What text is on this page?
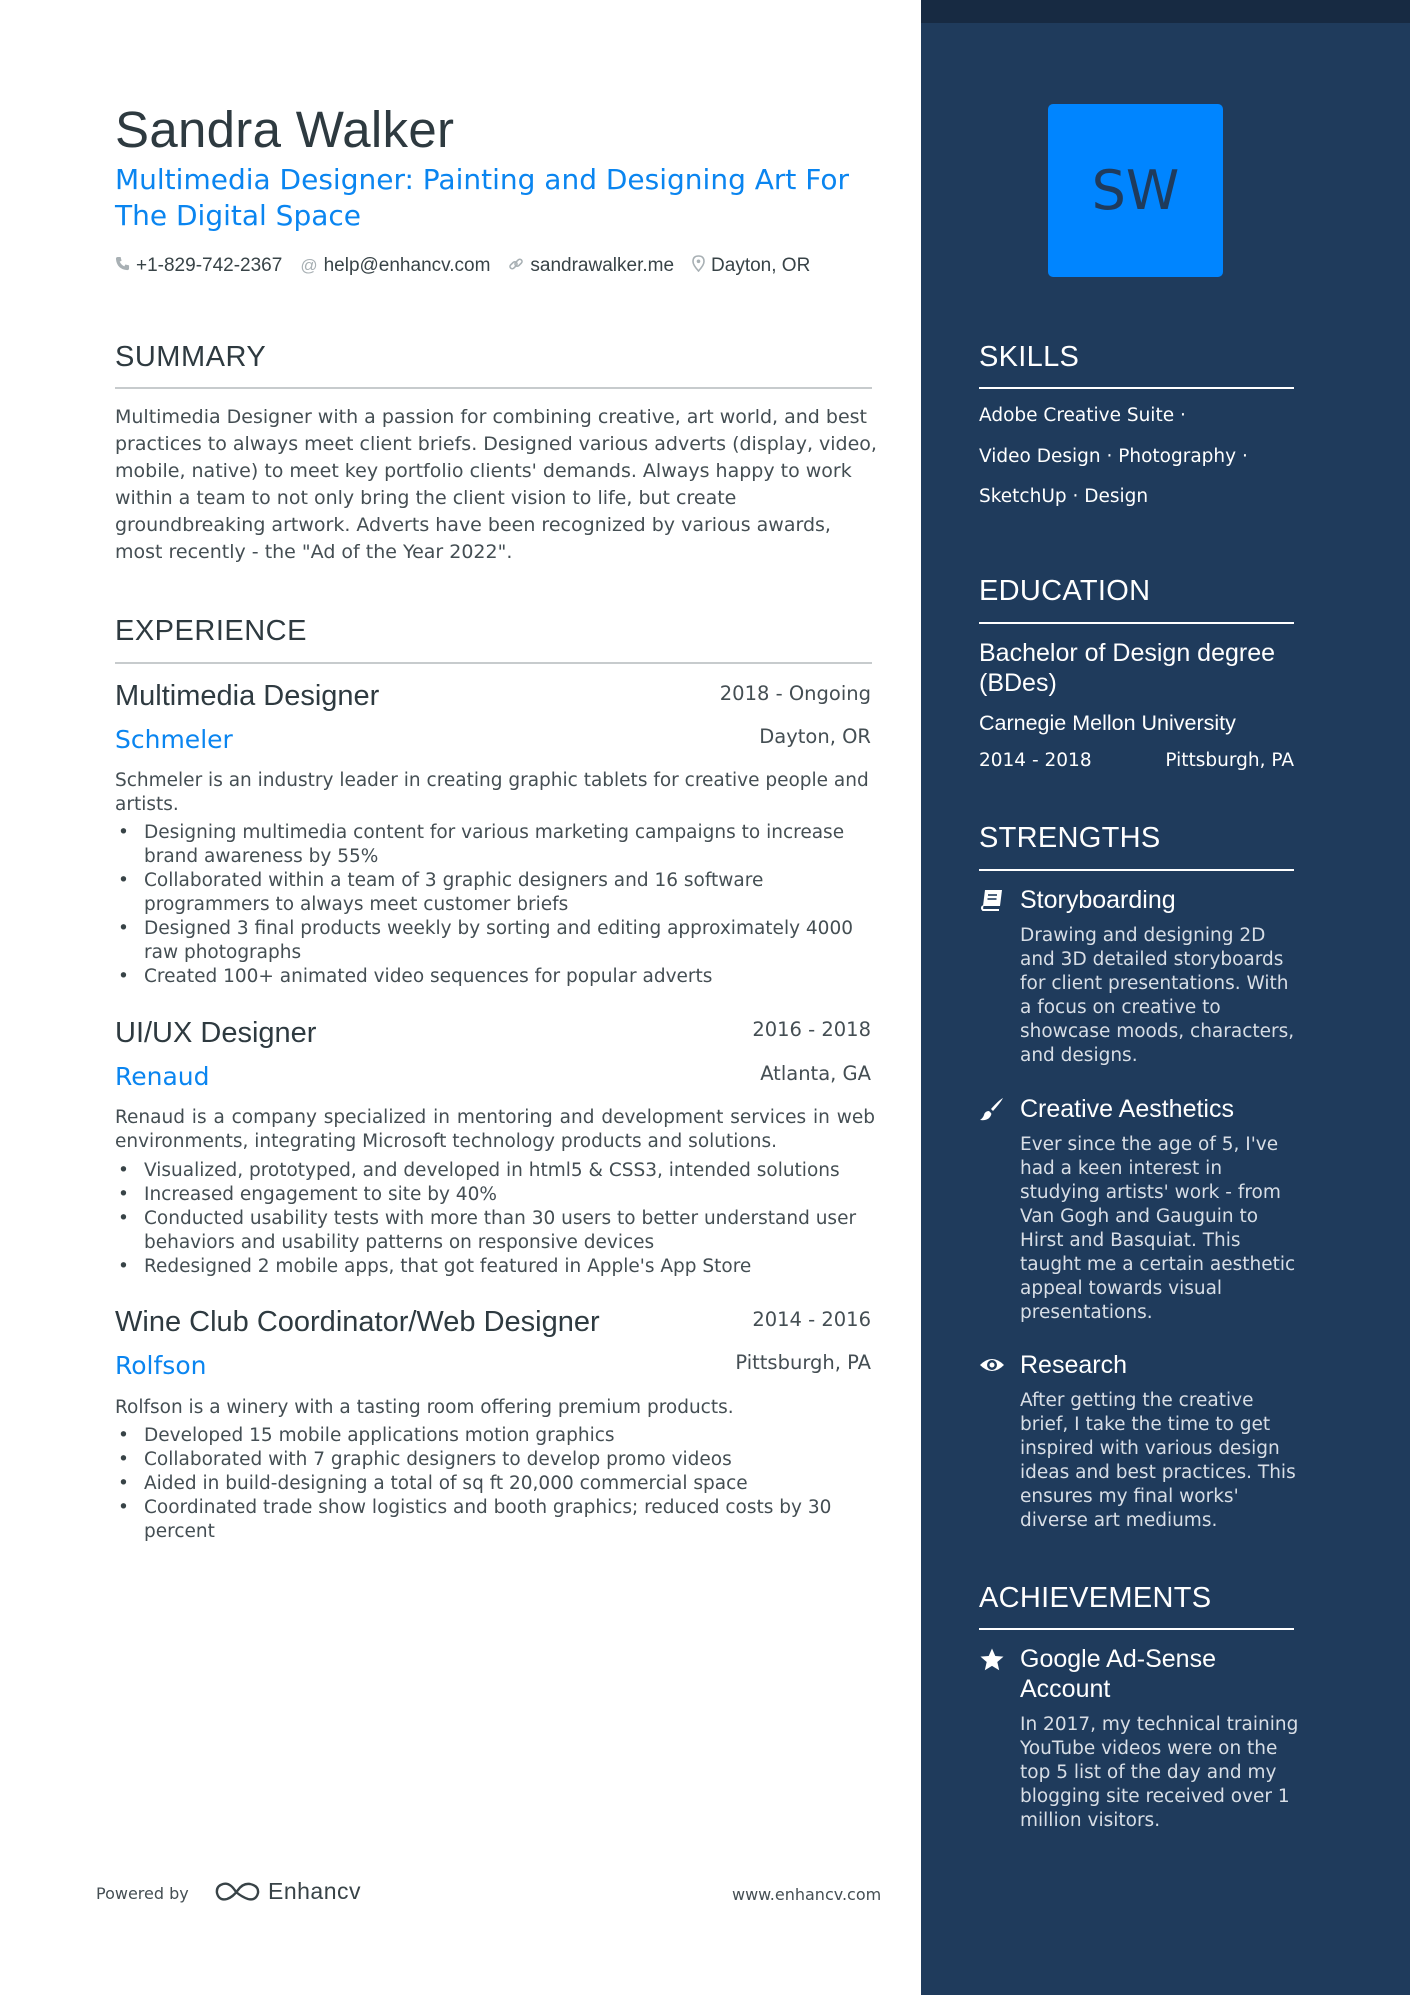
Sandra Walker
Multimedia Designer: Painting and Designing Art For The Digital Space
+1-829-742-2367 @ help@enhancv.com sandrawalker.me Dayton, OR
SUMMARY
Multimedia Designer with a passion for combining creative, art world, and best practices to always meet client briefs. Designed various adverts (display, video, mobile, native) to meet key portfolio clients' demands. Always happy to work within a team to not only bring the client vision to life, but create groundbreaking artwork. Adverts have been recognized by various awards, most recently - the "Ad of the Year 2022".
EXPERIENCE
Multimedia Designer	2018 - Ongoing
Schmeler	Dayton, OR
Schmeler is an industry leader in creating graphic tablets for creative people and artists.
• Designing multimedia content for various marketing campaigns to increase brand awareness by 55%
• Collaborated within a team of 3 graphic designers and 16 software programmers to always meet customer briefs
• Designed 3 final products weekly by sorting and editing approximately 4000 raw photographs
• Created 100+ animated video sequences for popular adverts
UI/UX Designer	2016 - 2018
Renaud	Atlanta, GA
Renaud is a company specialized in mentoring and development services in web environments, integrating Microsoft technology products and solutions.
• Visualized, prototyped, and developed in html5 & CSS3, intended solutions
• Increased engagement to site by 40%
• Conducted usability tests with more than 30 users to better understand user behaviors and usability patterns on responsive devices
• Redesigned 2 mobile apps, that got featured in Apple's App Store
Wine Club Coordinator/Web Designer	2014 - 2016
Rolfson	Pittsburgh, PA
Rolfson is a winery with a tasting room offering premium products.
• Developed 15 mobile applications motion graphics
• Collaborated with 7 graphic designers to develop promo videos
• Aided in build-designing a total of sq ft 20,000 commercial space
• Coordinated trade show logistics and booth graphics; reduced costs by 30 percent
Powered by	Enhancv	www.enhancv.com
SW
SKILLS
Adobe Creative Suite ·
Video Design · Photography ·
SketchUp · Design
EDUCATION
Bachelor of Design degree (BDes)
Carnegie Mellon University
2014 - 2018	Pittsburgh, PA
STRENGTHS
Storyboarding
Drawing and designing 2D and 3D detailed storyboards for client presentations. With a focus on creative to showcase moods, characters, and designs.
Creative Aesthetics
Ever since the age of 5, I've had a keen interest in studying artists' work - from Van Gogh and Gauguin to Hirst and Basquiat. This taught me a certain aesthetic appeal towards visual presentations.
Research
After getting the creative brief, I take the time to get inspired with various design ideas and best practices. This ensures my final works' diverse art mediums.
ACHIEVEMENTS
Google Ad-Sense Account
In 2017, my technical training YouTube videos were on the top 5 list of the day and my blogging site received over 1 million visitors.
